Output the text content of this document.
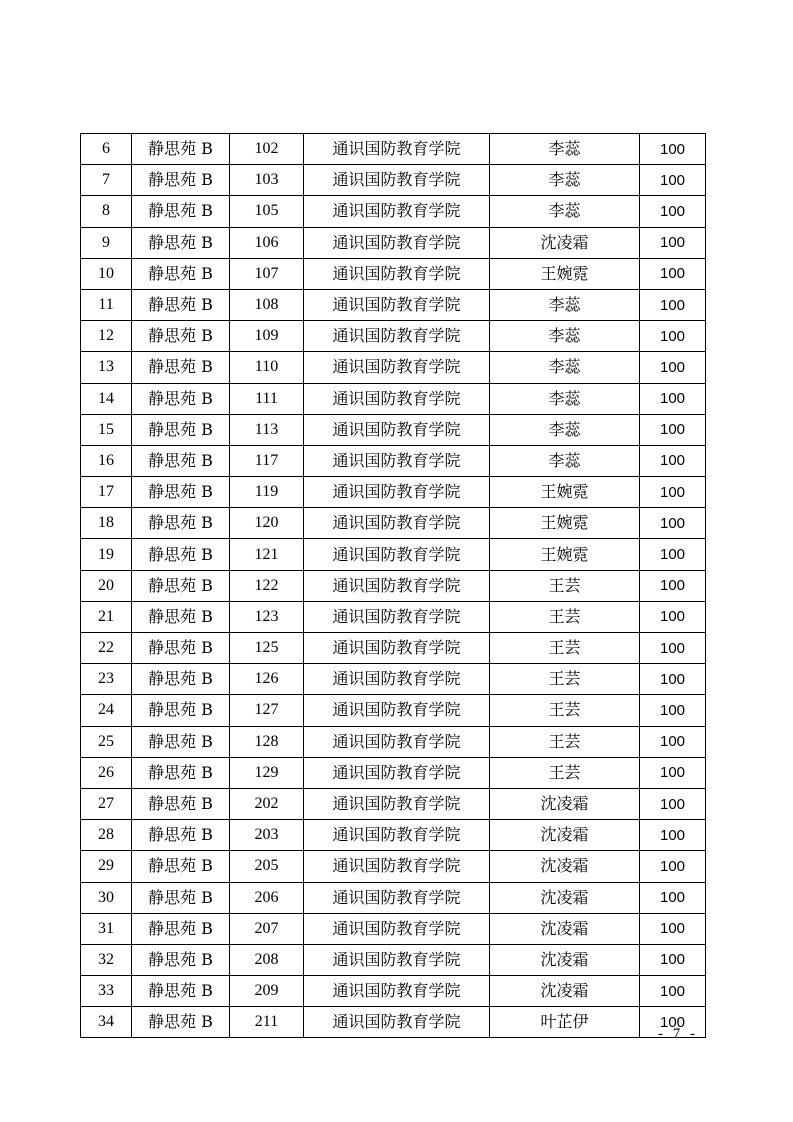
6	静思苑 B	102	通识国防教育学院	李蕊	100
7	静思苑 B	103	通识国防教育学院	李蕊	100
8	静思苑 B	105	通识国防教育学院	李蕊	100
9	静思苑 B	106	通识国防教育学院	沈凌霜	100
10	静思苑 B	107	通识国防教育学院	王婉霓	100
11	静思苑 B	108	通识国防教育学院	李蕊	100
12	静思苑 B	109	通识国防教育学院	李蕊	100
13	静思苑 B	110	通识国防教育学院	李蕊	100
14	静思苑 B	111	通识国防教育学院	李蕊	100
15	静思苑 B	113	通识国防教育学院	李蕊	100
16	静思苑 B	117	通识国防教育学院	李蕊	100
17	静思苑 B	119	通识国防教育学院	王婉霓	100
18	静思苑 B	120	通识国防教育学院	王婉霓	100
19	静思苑 B	121	通识国防教育学院	王婉霓	100
20	静思苑 B	122	通识国防教育学院	王芸	100
21	静思苑 B	123	通识国防教育学院	王芸	100
22	静思苑 B	125	通识国防教育学院	王芸	100
23	静思苑 B	126	通识国防教育学院	王芸	100
24	静思苑 B	127	通识国防教育学院	王芸	100
25	静思苑 B	128	通识国防教育学院	王芸	100
26	静思苑 B	129	通识国防教育学院	王芸	100
27	静思苑 B	202	通识国防教育学院	沈凌霜	100
28	静思苑 B	203	通识国防教育学院	沈凌霜	100
29	静思苑 B	205	通识国防教育学院	沈凌霜	100
30	静思苑 B	206	通识国防教育学院	沈凌霜	100
31	静思苑 B	207	通识国防教育学院	沈凌霜	100
32	静思苑 B	208	通识国防教育学院	沈凌霜	100
33	静思苑 B	209	通识国防教育学院	沈凌霜	100
34	静思苑 B	211	通识国防教育学院	叶芷伊	100
- 7 -
